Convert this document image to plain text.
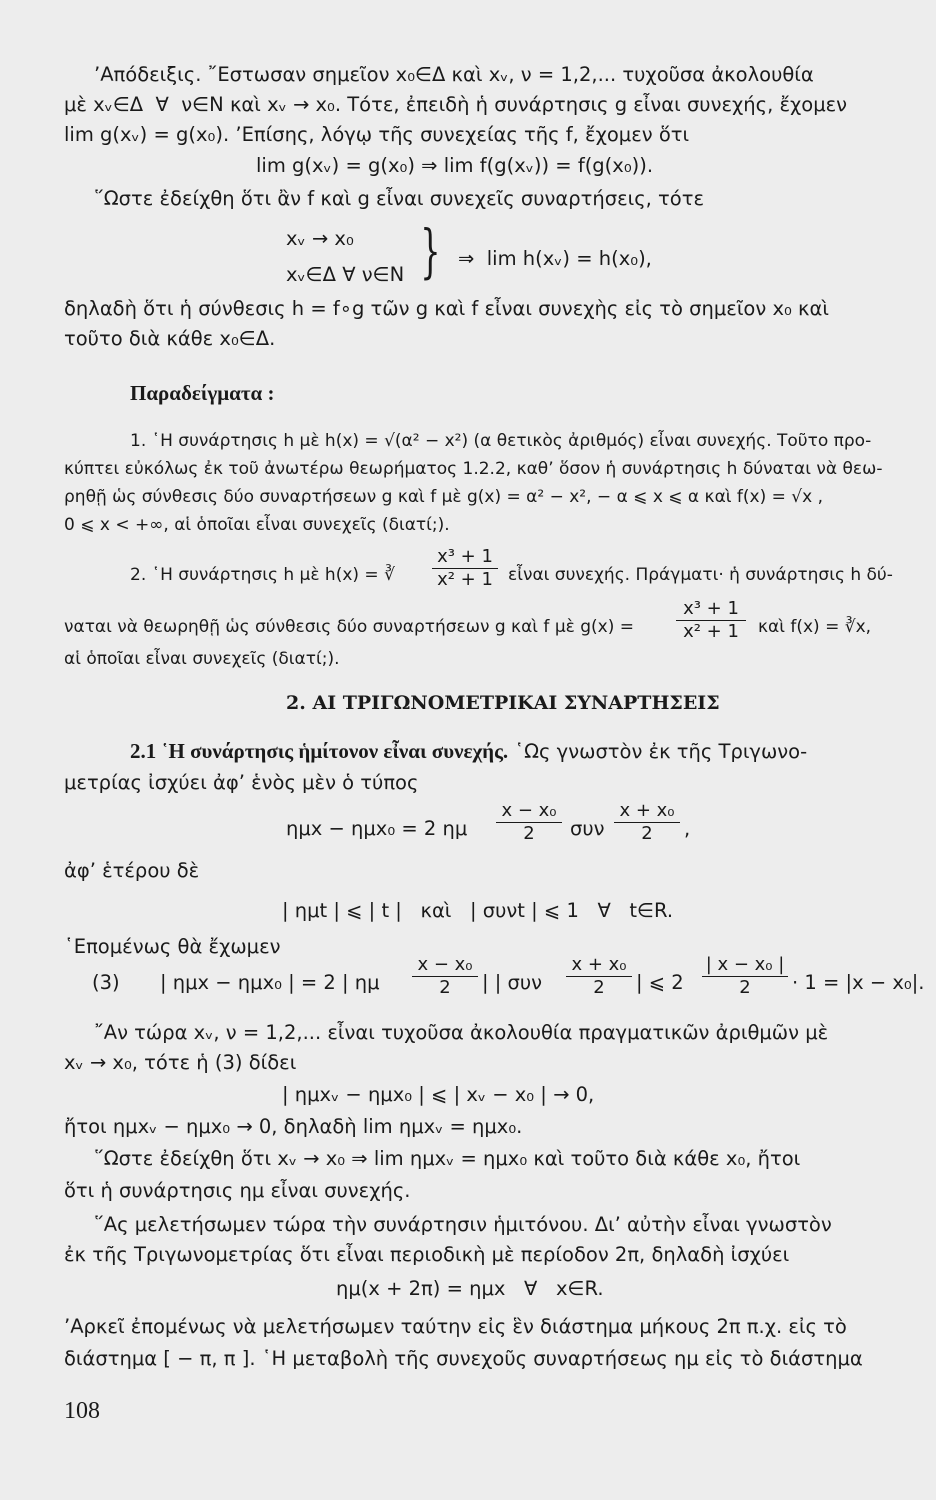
’Απόδειξις. ῎Εστωσαν σημεῖον x₀∈Δ καὶ xᵥ, ν = 1,2,... τυχοῦσα ἀκολουθία

μὲ xᵥ∈Δ  ∀  ν∈N καὶ xᵥ → x₀. Τότε, ἐπειδὴ ἡ συνάρτησις g εἶναι συνεχής, ἔχομεν

lim g(xᵥ) = g(x₀). ’Επίσης, λόγῳ τῆς συνεχείας τῆς f, ἔχομεν ὅτι

lim g(xᵥ) = g(x₀) ⇒ lim f(g(xᵥ)) = f(g(x₀)).

῞Ωστε ἐδείχθη ὅτι ἂν f καὶ g εἶναι συνεχεῖς συναρτήσεις, τότε

xᵥ → x₀

xᵥ∈Δ ∀ ν∈N } ⇒  lim h(xᵥ) = h(x₀),

δηλαδὴ ὅτι ἡ σύνθεσις h = f∘g τῶν g καὶ f εἶναι συνεχὴς εἰς τὸ σημεῖον x₀ καὶ

τοῦτο διὰ κάθε x₀∈Δ.

Παραδείγματα :

1. ῾Η συνάρτησις h μὲ h(x) = √(α² − x²) (α θετικὸς ἀριθμός) εἶναι συνεχής. Τοῦτο προ-

κύπτει εὐκόλως ἐκ τοῦ ἀνωτέρω θεωρήματος 1.2.2, καθ’ ὅσον ἡ συνάρτησις h δύναται νὰ θεω-

ρηθῇ ὡς σύνθεσις δύο συναρτήσεων g καὶ f μὲ g(x) = α² − x², − α ⩽ x ⩽ α καὶ f(x) = √x ,

0 ⩽ x < +∞, αἱ ὁποῖαι εἶναι συνεχεῖς (διατί;).

2. ῾Η συνάρτησις h μὲ h(x) = ∛ $\frac{\text{x³ + 1}}{\text{x² + 1}}$ εἶναι συνεχής. Πράγματι· ἡ συνάρτησις h δύ-

ναται νὰ θεωρηθῇ ὡς σύνθεσις δύο συναρτήσεων g καὶ f μὲ $g(x) = \frac{\text{x³ + 1}}{\text{x² + 1}}$ καὶ f(x) = ∛x,

αἱ ὁποῖαι εἶναι συνεχεῖς (διατί;).

2. ΑΙ ΤΡΙΓΩΝΟΜΕΤΡΙΚΑΙ ΣΥΝΑΡΤΗΣΕΙΣ

2.1 ῾Η συνάρτησις ἡμίτονον εἶναι συνεχής. ῾Ως γνωστὸν ἐκ τῆς Τριγωνο-

μετρίας ἰσχύει ἀφ’ ἑνὸς μὲν ὁ τύπος

ημx − ημx₀ = 2 ημ $\frac{\text{x − x₀}}{2}$ συν $\frac{\text{x + x₀}}{2}$ ,

ἀφ’ ἑτέρου δὲ

| ημt | ⩽ | t |   καὶ   | συνt | ⩽ 1   ∀   t∈R.

῾Επομένως θὰ ἔχωμεν

(3) | ημx − ημx₀ | = 2 | ημ $\frac{\text{x − x₀}}{2}$ | | συν $\frac{\text{x + x₀}}{2}$ | ⩽ $2 \frac{\text{| x − x₀ |}}{2} \cdot 1 = |x - x_0|$.

῎Αν τώρα xᵥ, ν = 1,2,... εἶναι τυχοῦσα ἀκολουθία πραγματικῶν ἀριθμῶν μὲ

xᵥ → x₀, τότε ἡ (3) δίδει

| ημxᵥ − ημx₀ | ⩽ | xᵥ − x₀ | → 0,

ἤτοι ημxᵥ − ημx₀ → 0, δηλαδὴ lim ημxᵥ = ημx₀.

῞Ωστε ἐδείχθη ὅτι xᵥ → x₀ ⇒ lim ημxᵥ = ημx₀ καὶ τοῦτο διὰ κάθε x₀, ἤτοι

ὅτι ἡ συνάρτησις ημ εἶναι συνεχής.

῞Ας μελετήσωμεν τώρα τὴν συνάρτησιν ἡμιτόνου. Δι’ αὐτὴν εἶναι γνωστὸν

ἐκ τῆς Τριγωνομετρίας ὅτι εἶναι περιοδικὴ μὲ περίοδον 2π, δηλαδὴ ἰσχύει

ημ(x + 2π) = ημx   ∀   x∈R.

’Αρκεῖ ἐπομένως νὰ μελετήσωμεν ταύτην εἰς ἓν διάστημα μήκους 2π π.χ. εἰς τὸ

διάστημα [ − π, π ]. ῾Η μεταβολὴ τῆς συνεχοῦς συναρτήσεως ημ εἰς τὸ διάστημα

108
